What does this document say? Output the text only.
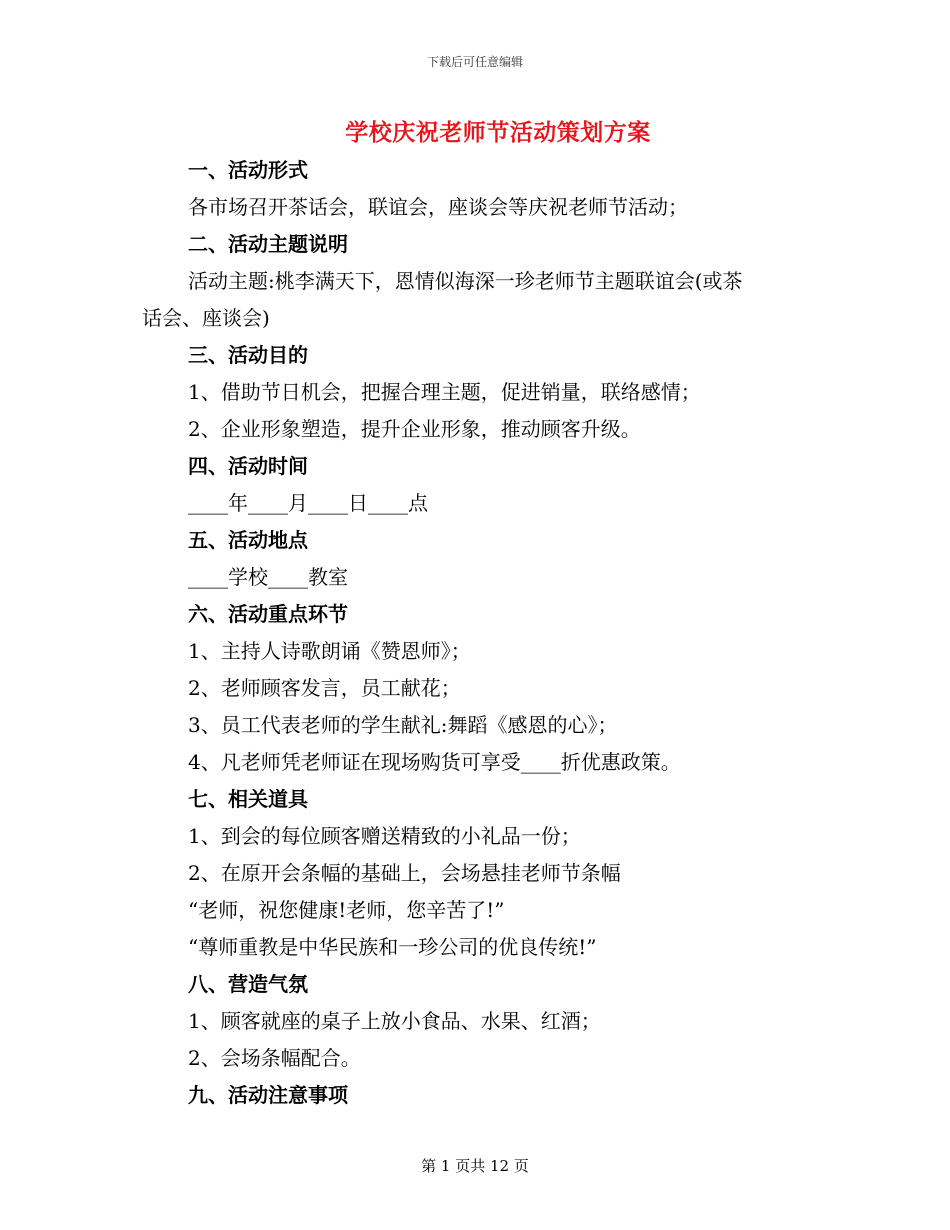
下载后可任意编辑
学校庆祝老师节活动策划方案
一、活动形式
各市场召开茶话会，联谊会，座谈会等庆祝老师节活动；
二、活动主题说明
活动主题:桃李满天下，恩情似海深一珍老师节主题联谊会(或茶
话会、座谈会)
三、活动目的
1、借助节日机会，把握合理主题，促进销量，联络感情；
2、企业形象塑造，提升企业形象，推动顾客升级。
四、活动时间
____年____月____日____点
五、活动地点
____学校____教室
六、活动重点环节
1、主持人诗歌朗诵《赞恩师》；
2、老师顾客发言，员工献花；
3、员工代表老师的学生献礼:舞蹈《感恩的心》；
4、凡老师凭老师证在现场购货可享受____折优惠政策。
七、相关道具
1、到会的每位顾客赠送精致的小礼品一份；
2、在原开会条幅的基础上，会场悬挂老师节条幅
“老师，祝您健康!老师，您辛苦了!”
“尊师重教是中华民族和一珍公司的优良传统!”
八、营造气氛
1、顾客就座的桌子上放小食品、水果、红酒；
2、会场条幅配合。
九、活动注意事项
第 1 页共 12 页
